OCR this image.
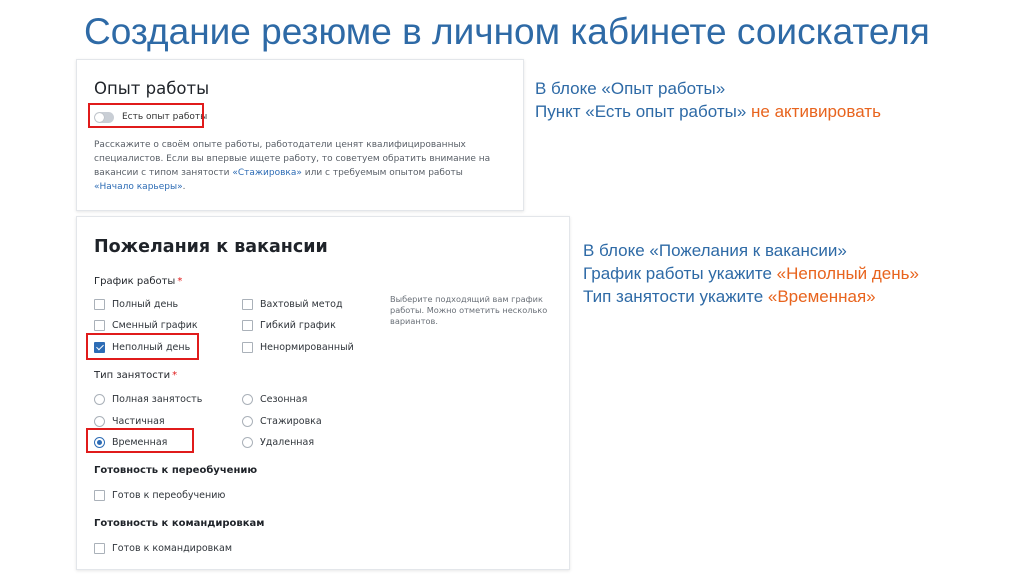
Создание резюме в личном кабинете соискателя
Опыт работы
Есть опыт работы
Расскажите о своём опыте работы, работодатели ценят квалифицированных специалистов. Если вы впервые ищете работу, то советуем обратить внимание на вакансии с типом занятости «Стажировка» или с требуемым опытом работы «Начало карьеры».
Пожелания к вакансии
График работы *
Полный день
Сменный график
Неполный день
Вахтовый метод
Гибкий график
Ненормированный
Выберите подходящий вам график работы. Можно отметить несколько вариантов.
Тип занятости *
Полная занятость
Частичная
Временная
Сезонная
Стажировка
Удаленная
Готовность к переобучению
Готов к переобучению
Готовность к командировкам
Готов к командировкам
В блоке «Опыт работы»
Пункт «Есть опыт работы» не активировать
В блоке «Пожелания к вакансии»
График работы укажите «Неполный день»
Тип занятости укажите «Временная»
